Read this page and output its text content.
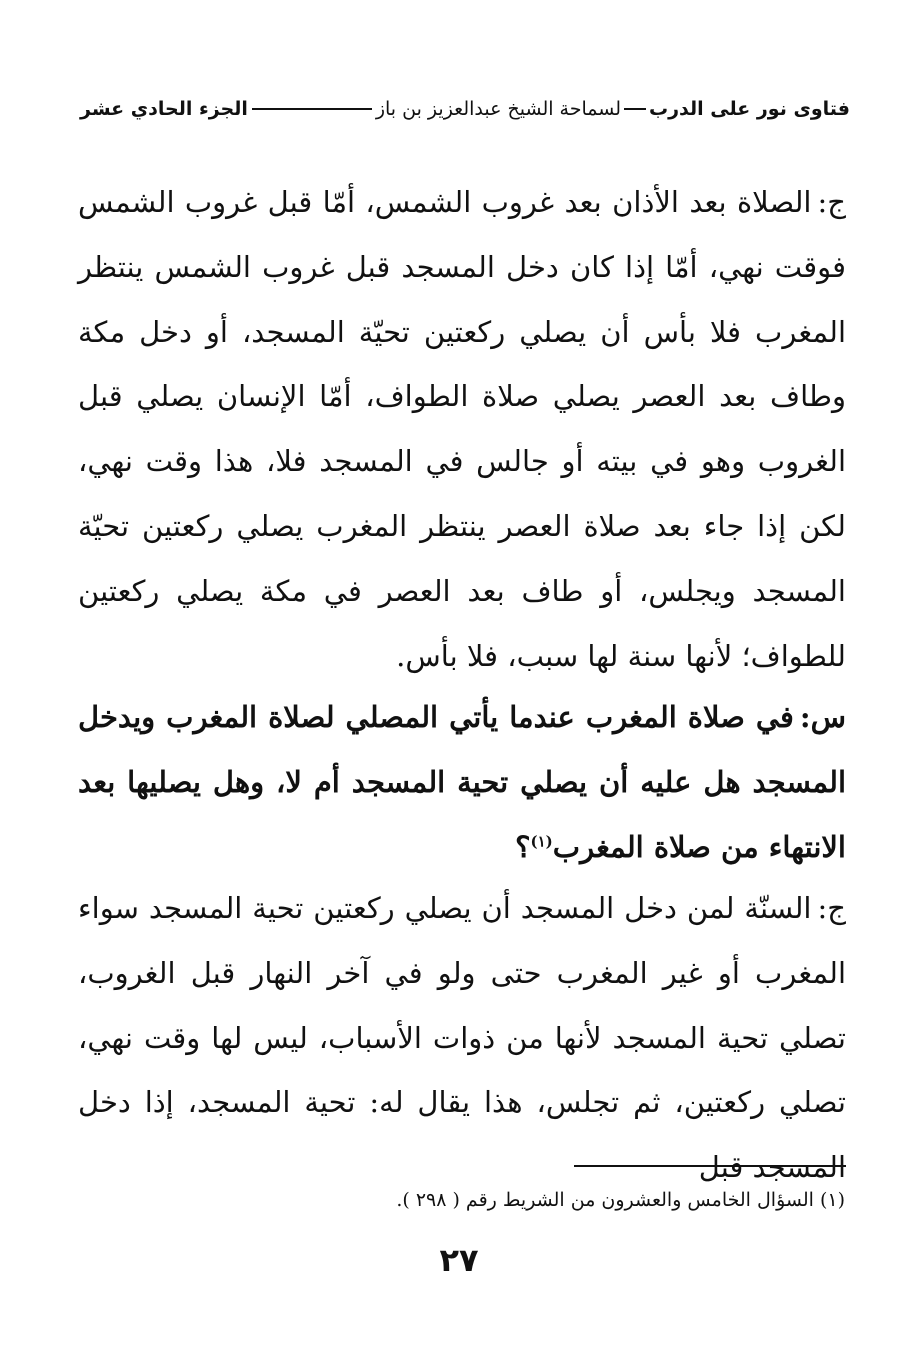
فتاوى نور على الدرب
لسماحة الشيخ عبدالعزيز بن باز
الجزء الحادي عشر

ج:الصلاة بعد الأذان بعد غروب الشمس، أمّا قبل غروب الشمس فوقت نهي، أمّا إذا كان دخل المسجد قبل غروب الشمس ينتظر المغرب فلا بأس أن يصلي ركعتين تحيّة المسجد، أو دخل مكة وطاف بعد العصر يصلي صلاة الطواف، أمّا الإنسان يصلي قبل الغروب وهو في بيته أو جالس في المسجد فلا، هذا وقت نهي، لكن إذا جاء بعد صلاة العصر ينتظر المغرب يصلي ركعتين تحيّة المسجد ويجلس، أو طاف بعد العصر في مكة يصلي ركعتين للطواف؛ لأنها سنة لها سبب، فلا بأس.

س:في صلاة المغرب عندما يأتي المصلي لصلاة المغرب ويدخل المسجد هل عليه أن يصلي تحية المسجد أم لا، وهل يصليها بعد الانتهاء من صلاة المغرب$^{(١)}$؟

ج:السنّة لمن دخل المسجد أن يصلي ركعتين تحية المسجد سواء المغرب أو غير المغرب حتى ولو في آخر النهار قبل الغروب، تصلي تحية المسجد لأنها من ذوات الأسباب، ليس لها وقت نهي، تصلي ركعتين، ثم تجلس، هذا يقال له: تحية المسجد، إذا دخل المسجد قبل

(١) السؤال الخامس والعشرون من الشريط رقم ( ٢٩٨ ).
٢٧
